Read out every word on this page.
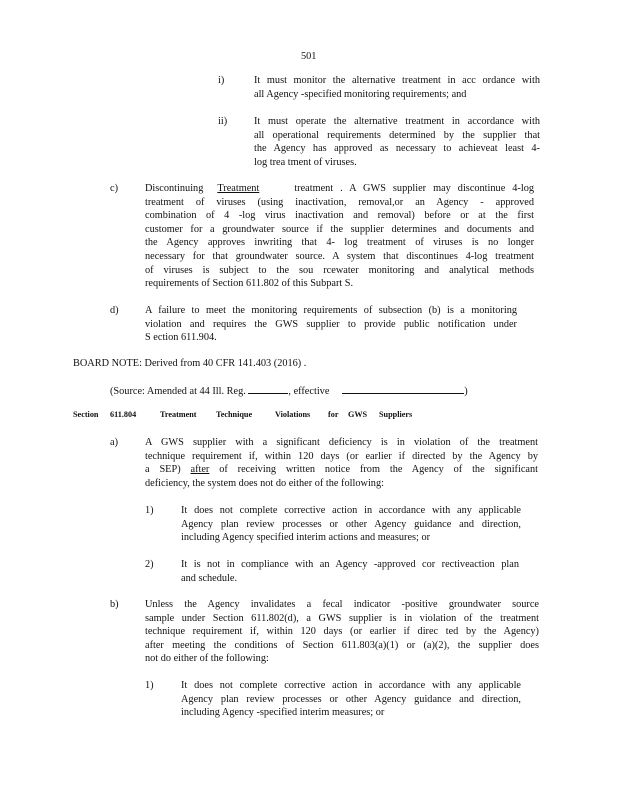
501
i)	It must monitor the alternative treatment in acc ordance with
all Agency -specified monitoring requirements; and
ii)	It must operate the alternative treatment in accordance with
all operational requirements determined by the supplier that
the Agency has approved as necessary to achieveat least 4-
log trea tment of viruses.
c)	Discontinuing Treatment	treatment . A GWS supplier may discontinue 4-log
treatment of viruses (using inactivation, removal,or an Agency - approved
combination of 4 -log virus inactivation and removal) before or at the first
customer for a groundwater source if the supplier determines and documents and
the Agency approves inwriting that 4- log treatment of viruses is no longer
necessary for that groundwater source. A system that discontinues 4-log treatment
of viruses is subject to the sou rcewater monitoring and analytical methods
requirements of Section 611.802 of this Subpart S.
d)	A failure to meet the monitoring requirements of subsection (b) is a monitoring
violation and requires the GWS supplier to provide public notification under
S ection 611.904.
BOARD NOTE: Derived from 40 CFR 141.403 (2016) .
(Source: Amended at 44 Ill. Reg.	, effective	)
Section 611.804	Treatment Technique	Violations for GWS Suppliers
a)	A GWS supplier with a significant deficiency is in violation of the treatment
technique requirement if, within 120 days (or earlier if directed by the Agency by
a SEP) after of receiving written notice from the Agency of the significant
deficiency, the system does not do either of the following:
1)	It does not complete corrective action in accordance with any applicable
Agency plan review processes or other Agency guidance and direction,
including Agency specified interim actions and measures; or
2)	It is not in compliance with an Agency -approved cor rectiveaction plan
and schedule.
b)	Unless the Agency invalidates a fecal indicator -positive groundwater source
sample under Section 611.802(d), a GWS supplier is in violation of the treatment
technique requirement if, within 120 days (or earlier if direc ted by the Agency)
after meeting the conditions of Section 611.803(a)(1) or (a)(2), the supplier does
not do either of the following:
1)	It does not complete corrective action in accordance with any applicable
Agency plan review processes or other Agency guidance and direction,
including Agency -specified interim measures; or
